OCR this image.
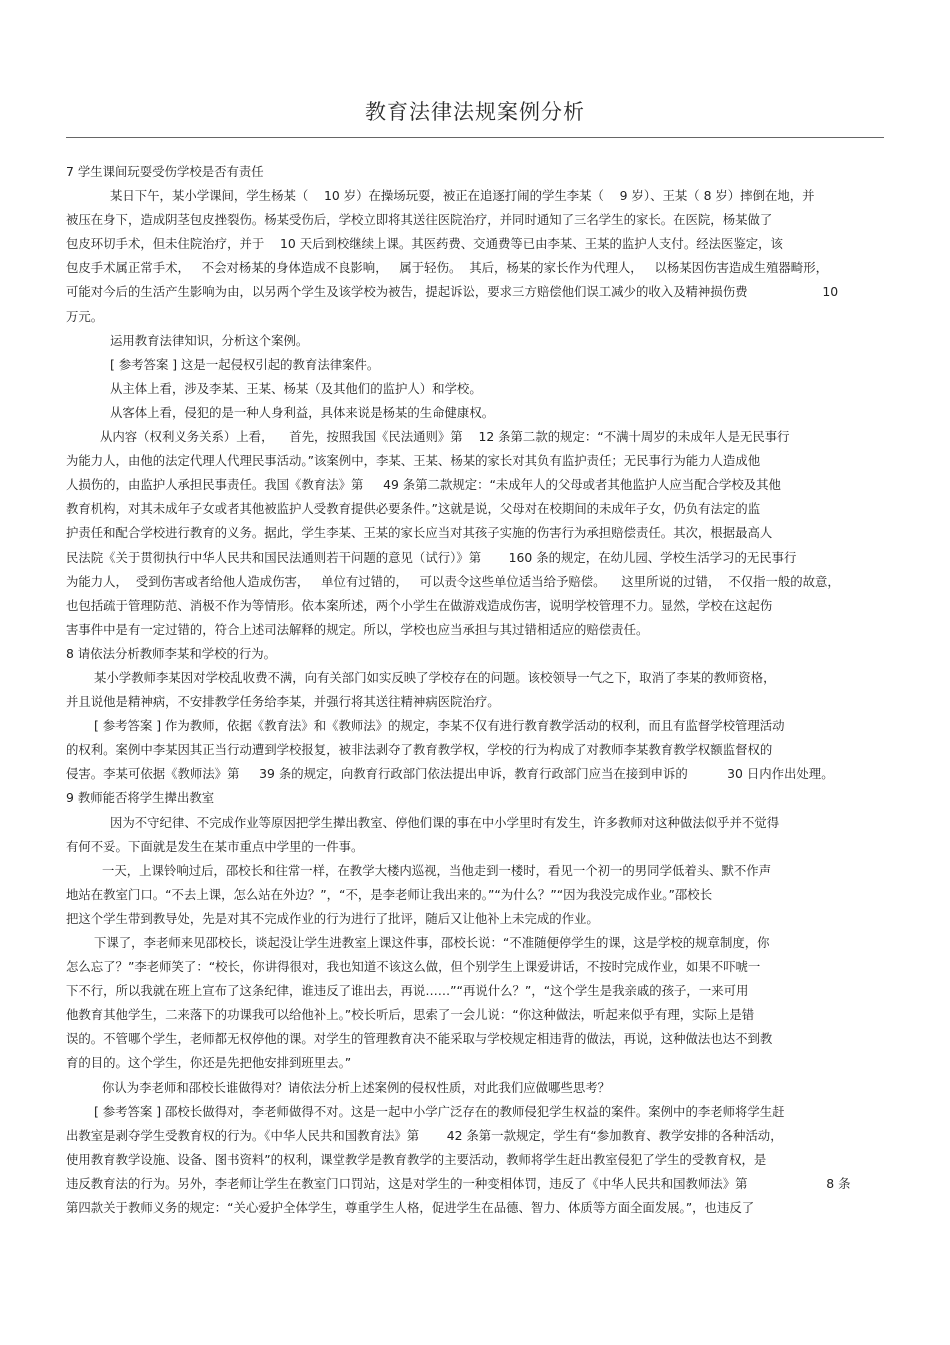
教育法律法规案例分析
7 学生课间玩耍受伤学校是否有责任
某日下午，某小学课间，学生杨某（    10 岁）在操场玩耍，被正在追逐打闹的学生李某（    9 岁）、王某（ 8 岁）摔倒在地，并
被压在身下，造成阴茎包皮挫裂伤。杨某受伤后，学校立即将其送往医院治疗，并同时通知了三名学生的家长。在医院，杨某做了
包皮环切手术，但未住院治疗，并于    10 天后到校继续上课。其医药费、交通费等已由李某、王某的监护人支付。经法医鉴定，该
包皮手术属正常手术，   不会对杨某的身体造成不良影响，   属于轻伤。  其后，杨某的家长作为代理人，   以杨某因伤害造成生殖器畸形，
可能对今后的生活产生影响为由，以另两个学生及该学校为被告，提起诉讼，要求三方赔偿他们误工减少的收入及精神损伤费                   10
万元。
运用教育法律知识，分析这个案例。
[ 参考答案 ] 这是一起侵权引起的教育法律案件。
从主体上看，涉及李某、王某、杨某（及其他们的监护人）和学校。
从客体上看，侵犯的是一种人身利益，具体来说是杨某的生命健康权。
从内容（权利义务关系）上看，    首先，按照我国《民法通则》第    12 条第二款的规定：“不满十周岁的未成年人是无民事行
为能力人，由他的法定代理人代理民事活动。”该案例中，李某、王某、杨某的家长对其负有监护责任；无民事行为能力人造成他
人损伤的，由监护人承担民事责任。我国《教育法》第     49 条第二款规定：“未成年人的父母或者其他监护人应当配合学校及其他
教育机构，对其未成年子女或者其他被监护人受教育提供必要条件。”这就是说，父母对在校期间的未成年子女，仍负有法定的监
护责任和配合学校进行教育的义务。据此，学生李某、王某的家长应当对其孩子实施的伤害行为承担赔偿责任。其次，根据最高人
民法院《关于贯彻执行中华人民共和国民法通则若干问题的意见（试行）》第       160 条的规定，在幼儿园、学校生活学习的无民事行
为能力人，  受到伤害或者给他人造成伤害，   单位有过错的，   可以责令这些单位适当给予赔偿。    这里所说的过错，  不仅指一般的故意，
也包括疏于管理防范、消极不作为等情形。依本案所述，两个小学生在做游戏造成伤害，说明学校管理不力。显然，学校在这起伤
害事件中是有一定过错的，符合上述司法解释的规定。所以，学校也应当承担与其过错相适应的赔偿责任。
8 请依法分析教师李某和学校的行为。
某小学教师李某因对学校乱收费不满，向有关部门如实反映了学校存在的问题。该校领导一气之下，取消了李某的教师资格，
并且说他是精神病，不安排教学任务给李某，并强行将其送往精神病医院治疗。
[ 参考答案 ] 作为教师，依据《教育法》和《教师法》的规定，李某不仅有进行教育教学活动的权利，而且有监督学校管理活动
的权利。案例中李某因其正当行动遭到学校报复，被非法剥夺了教育教学权，学校的行为构成了对教师李某教育教学权额监督权的
侵害。李某可依据《教师法》第     39 条的规定，向教育行政部门依法提出申诉，教育行政部门应当在接到申诉的          30 日内作出处理。
9 教师能否将学生撵出教室
因为不守纪律、不完成作业等原因把学生撵出教室、停他们课的事在中小学里时有发生，许多教师对这种做法似乎并不觉得
有何不妥。下面就是发生在某市重点中学里的一件事。
一天，上课铃响过后，邵校长和往常一样，在教学大楼内巡视，当他走到一楼时，看见一个初一的男同学低着头、默不作声
地站在教室门口。“不去上课，怎么站在外边？”，“不，是李老师让我出来的。”“为什么？”“因为我没完成作业。”邵校长
把这个学生带到教导处，先是对其不完成作业的行为进行了批评，随后又让他补上未完成的作业。
下课了，李老师来见邵校长，谈起没让学生进教室上课这件事，邵校长说：“不准随便停学生的课，这是学校的规章制度，你
怎么忘了？”李老师笑了：“校长，你讲得很对，我也知道不该这么做，但个别学生上课爱讲话，不按时完成作业，如果不吓唬一
下不行，所以我就在班上宣布了这条纪律，谁违反了谁出去，再说……”“再说什么？”，“这个学生是我亲戚的孩子，一来可用
他教育其他学生，二来落下的功课我可以给他补上。”校长听后，思索了一会儿说：“你这种做法，听起来似乎有理，实际上是错
误的。不管哪个学生，老师都无权停他的课。对学生的管理教育决不能采取与学校规定相违背的做法，再说，这种做法也达不到教
育的目的。这个学生，你还是先把他安排到班里去。”
你认为李老师和邵校长谁做得对？请依法分析上述案例的侵权性质，对此我们应做哪些思考？
[ 参考答案 ] 邵校长做得对，李老师做得不对。这是一起中小学广泛存在的教师侵犯学生权益的案件。案例中的李老师将学生赶
出教室是剥夺学生受教育权的行为。《中华人民共和国教育法》第       42 条第一款规定，学生有“参加教育、教学安排的各种活动，
使用教育教学设施、设备、图书资料”的权利，课堂教学是教育教学的主要活动，教师将学生赶出教室侵犯了学生的受教育权，是
违反教育法的行为。另外，李老师让学生在教室门口罚站，这是对学生的一种变相体罚，违反了《中华人民共和国教师法》第                    8 条
第四款关于教师义务的规定：“关心爱护全体学生，尊重学生人格，促进学生在品德、智力、体质等方面全面发展。”，也违反了
